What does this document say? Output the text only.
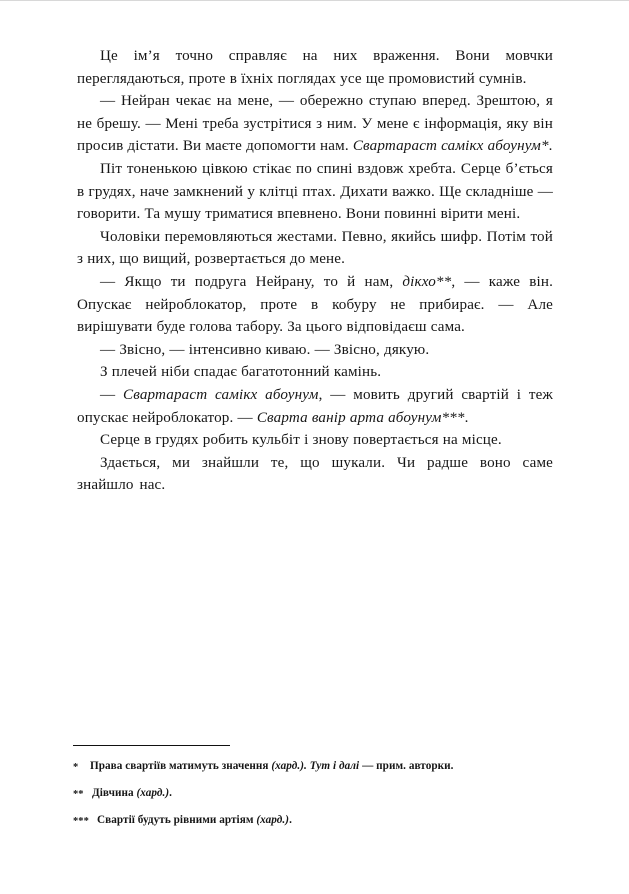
Це ім’я точно справляє на них враження. Вони мовчки переглядаються, проте в їхніх поглядах усе ще промовистий сумнів.

— Нейран чекає на мене, — обережно ступаю вперед. Зрештою, я не брешу. — Мені треба зустрітися з ним. У мене є інформація, яку він просив дістати. Ви маєте допомогти нам. Свартараст самікх абоунум*.

Піт тоненькою цівкою стікає по спині вздовж хребта. Серце б’ється в грудях, наче замкнений у клітці птах. Дихати важко. Ще складніше — говорити. Та мушу триматися впевнено. Вони повинні вірити мені.

Чоловіки перемовляються жестами. Певно, якийсь шифр. Потім той з них, що вищий, розвертається до мене.

— Якщо ти подруга Нейрану, то й нам, дікхо**, — каже він. Опускає нейроблокатор, проте в кобуру не прибирає. — Але вирішувати буде голова табору. За цього відповідаєш сама.

— Звісно, — інтенсивно киваю. — Звісно, дякую.

З плечей ніби спадає багатотонний камінь.

— Свартараст самікх абоунум, — мовить другий свартій і теж опускає нейроблокатор. — Сварта ванір арта абоунум***.

Серце в грудях робить кульбіт і знову повертається на місце.

Здається, ми знайшли те, що шукали. Чи радше воно саме знайшло нас.

*	Права свартіїв матимуть значення (хард.). Тут і далі — прим. авторки.
** Дівчина (хард.).
*** Свартії будуть рівними артіям (хард.).
